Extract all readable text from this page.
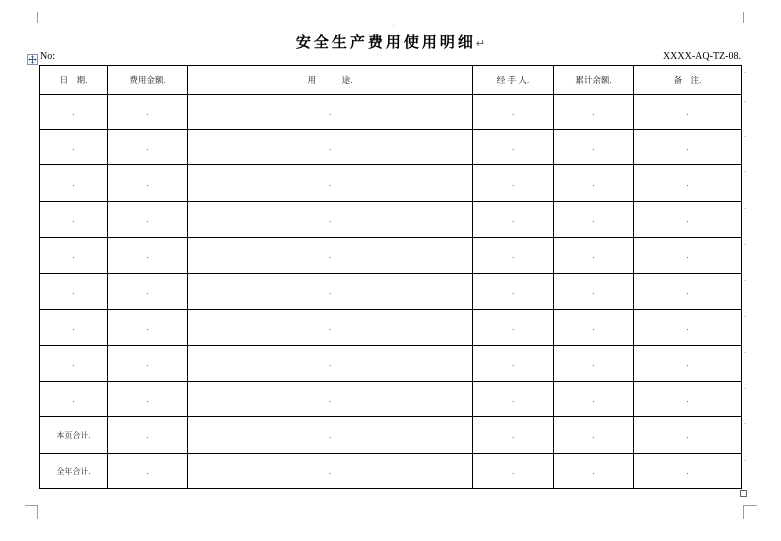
.
安全生产费用使用明细↵
No:	XXXX-AQ-TZ-08.
日　期.	费用金额.	用　　　途.	经 手 人.	累计余额.	备　注.
.	.	.	.	.	.
.	.	.	.	.	.
.	.	.	.	.	.
.	.	.	.	.	.
.	.	.	.	.	.
.	.	.	.	.	.
.	.	.	.	.	.
.	.	.	.	.	.
.	.	.	.	.	.
本页合计.	.	.	.	.	.
全年合计.	.	.	.	.	.
.
.
.
.
.
.
.
.
.
.
.
.
